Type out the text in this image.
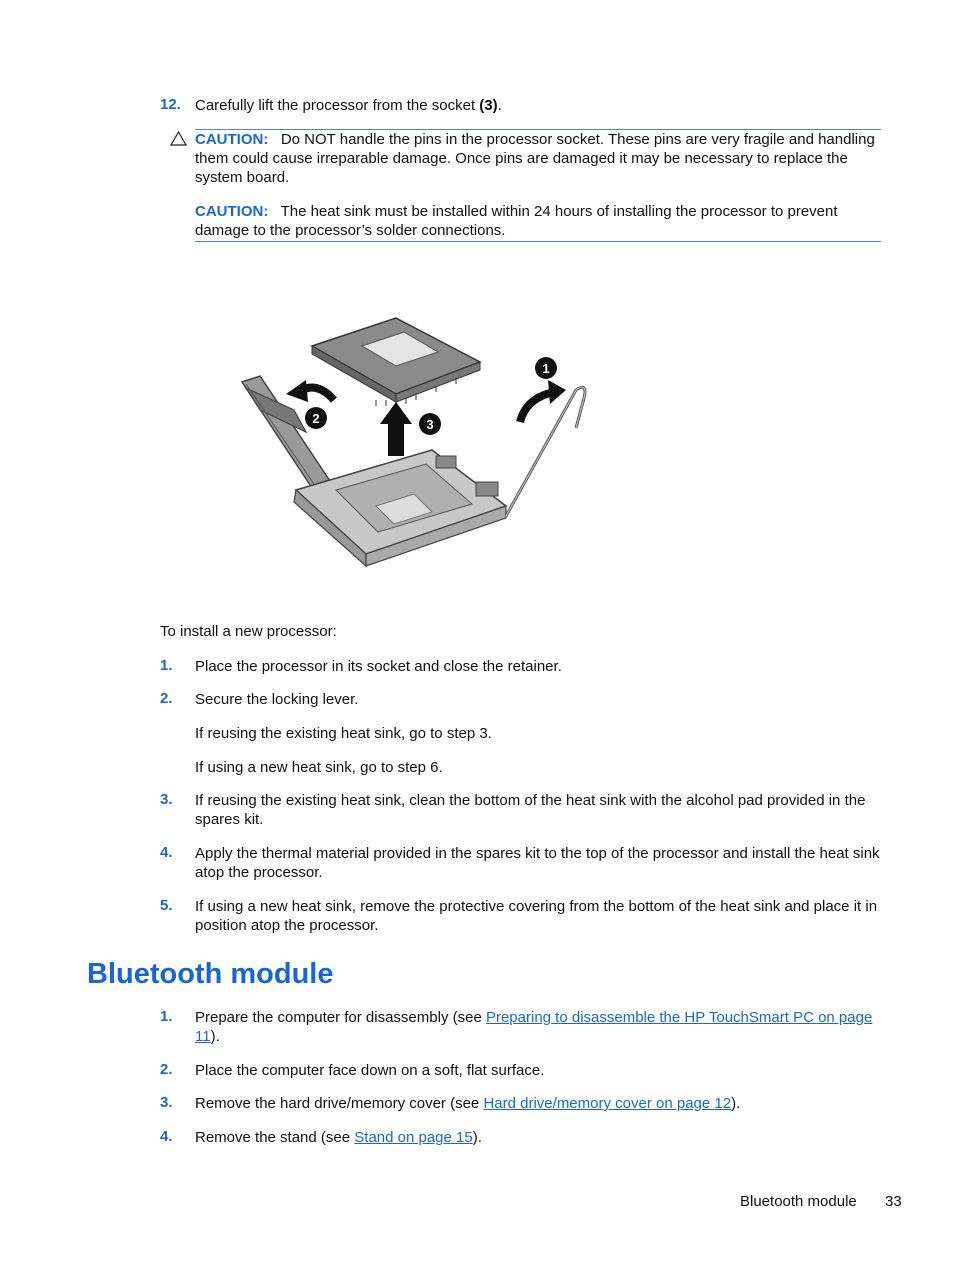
12. Carefully lift the processor from the socket (3).
CAUTION: Do NOT handle the pins in the processor socket. These pins are very fragile and handling them could cause irreparable damage. Once pins are damaged it may be necessary to replace the system board.
CAUTION: The heat sink must be installed within 24 hours of installing the processor to prevent damage to the processor’s solder connections.
1
2	3
To install a new processor:
1. Place the processor in its socket and close the retainer.
2. Secure the locking lever.
If reusing the existing heat sink, go to step 3.
If using a new heat sink, go to step 6.
3. If reusing the existing heat sink, clean the bottom of the heat sink with the alcohol pad provided in the spares kit.
4. Apply the thermal material provided in the spares kit to the top of the processor and install the heat sink atop the processor.
5. If using a new heat sink, remove the protective covering from the bottom of the heat sink and place it in position atop the processor.
Bluetooth module
1. Prepare the computer for disassembly (see Preparing to disassemble the HP TouchSmart PC on page 11).
2. Place the computer face down on a soft, flat surface.
3. Remove the hard drive/memory cover (see Hard drive/memory cover on page 12).
4. Remove the stand (see Stand on page 15).
Bluetooth module 33
